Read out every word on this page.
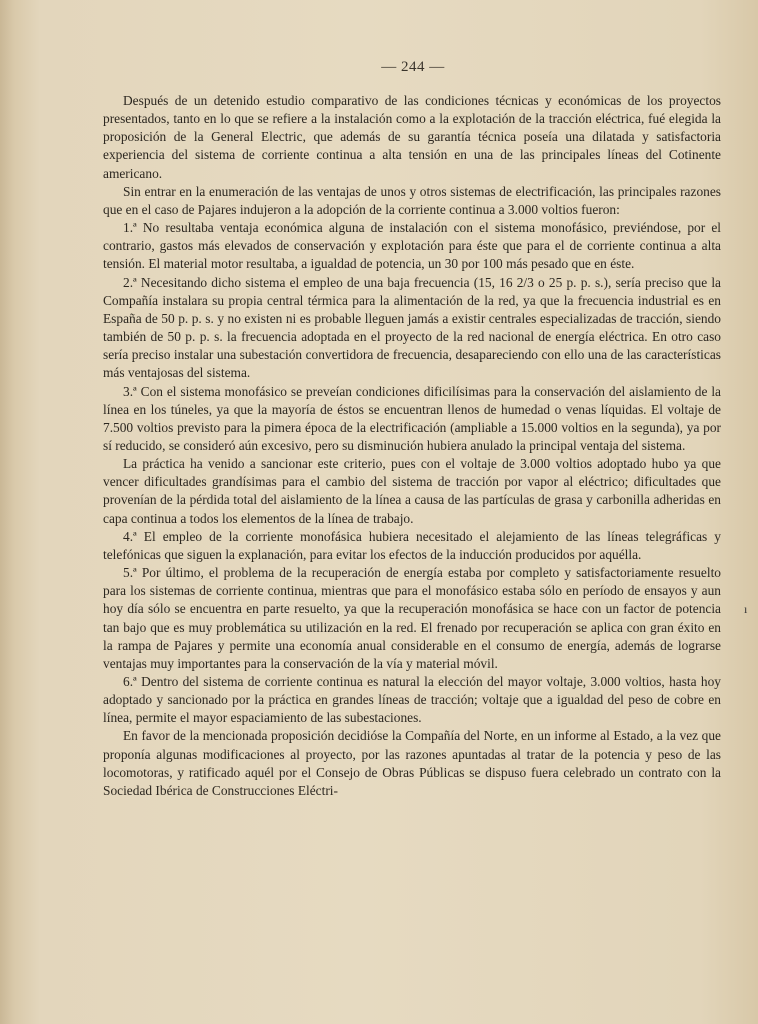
— 244 —

Después de un detenido estudio comparativo de las condiciones técnicas y económicas de los proyectos presentados, tanto en lo que se refiere a la instalación como a la explotación de la tracción eléctrica, fué elegida la proposición de la General Electric, que además de su garantía técnica poseía una dilatada y satisfactoria experiencia del sistema de corriente continua a alta tensión en una de las principales líneas del Cotinente americano.

Sin entrar en la enumeración de las ventajas de unos y otros sistemas de electrificación, las principales razones que en el caso de Pajares indujeron a la adopción de la corriente continua a 3.000 voltios fueron:

1.ª No resultaba ventaja económica alguna de instalación con el sistema monofásico, previéndose, por el contrario, gastos más elevados de conservación y explotación para éste que para el de corriente continua a alta tensión. El material motor resultaba, a igualdad de potencia, un 30 por 100 más pesado que en éste.

2.ª Necesitando dicho sistema el empleo de una baja frecuencia (15, 16 2/3 o 25 p. p. s.), sería preciso que la Compañía instalara su propia central térmica para la alimentación de la red, ya que la frecuencia industrial es en España de 50 p. p. s. y no existen ni es probable lleguen jamás a existir centrales especializadas de tracción, siendo también de 50 p. p. s. la frecuencia adoptada en el proyecto de la red nacional de energía eléctrica. En otro caso sería preciso instalar una subestación convertidora de frecuencia, desapareciendo con ello una de las características más ventajosas del sistema.

3.ª Con el sistema monofásico se preveían condiciones dificilísimas para la conservación del aislamiento de la línea en los túneles, ya que la mayoría de éstos se encuentran llenos de humedad o venas líquidas. El voltaje de 7.500 voltios previsto para la pimera época de la electrificación (ampliable a 15.000 voltios en la segunda), ya por sí reducido, se consideró aún excesivo, pero su disminución hubiera anulado la principal ventaja del sistema.

La práctica ha venido a sancionar este criterio, pues con el voltaje de 3.000 voltios adoptado hubo ya que vencer dificultades grandísimas para el cambio del sistema de tracción por vapor al eléctrico; dificultades que provenían de la pérdida total del aislamiento de la línea a causa de las partículas de grasa y carbonilla adheridas en capa continua a todos los elementos de la línea de trabajo.

4.ª El empleo de la corriente monofásica hubiera necesitado el alejamiento de las líneas telegráficas y telefónicas que siguen la explanación, para evitar los efectos de la inducción producidos por aquélla.

5.ª Por último, el problema de la recuperación de energía estaba por completo y satisfactoriamente resuelto para los sistemas de corriente continua, mientras que para el monofásico estaba sólo en período de ensayos y aun hoy día sólo se encuentra en parte resuelto, ya que la recuperación monofásica se hace con un factor de potencia tan bajo que es muy problemática su utilización en la red. El frenado por recuperación se aplica con gran éxito en la rampa de Pajares y permite una economía anual considerable en el consumo de energía, además de lograrse ventajas muy importantes para la conservación de la vía y material móvil.

6.ª Dentro del sistema de corriente continua es natural la elección del mayor voltaje, 3.000 voltios, hasta hoy adoptado y sancionado por la práctica en grandes líneas de tracción; voltaje que a igualdad del peso de cobre en línea, permite el mayor espaciamiento de las subestaciones.

En favor de la mencionada proposición decidióse la Compañía del Norte, en un informe al Estado, a la vez que proponía algunas modificaciones al proyecto, por las razones apuntadas al tratar de la potencia y peso de las locomotoras, y ratificado aquél por el Consejo de Obras Públicas se dispuso fuera celebrado un contrato con la Sociedad Ibérica de Construcciones Eléctri-

ı
